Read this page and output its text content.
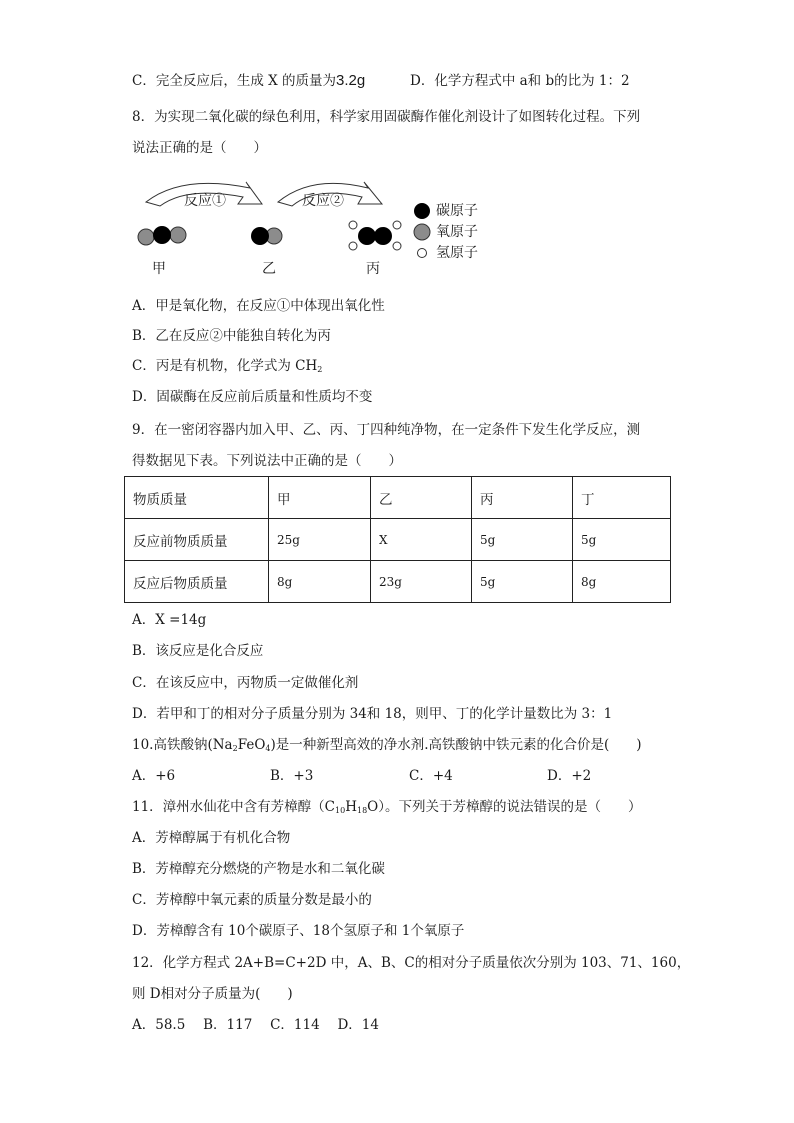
C．完全反应后，生成 X 的质量为3.2g	D．化学方程式中 a和 b的比为 1：2
8．为实现二氧化碳的绿色利用，科学家用固碳酶作催化剂设计了如图转化过程。下列
说法正确的是（　　）
反应①	反应②
甲	乙	丙
碳原子
氧原子
氢原子
A．甲是氧化物，在反应①中体现出氧化性
B．乙在反应②中能独自转化为丙
C．丙是有机物，化学式为 $CH_2$
D．固碳酶在反应前后质量和性质均不变
9．在一密闭容器内加入甲、乙、丙、丁四种纯净物，在一定条件下发生化学反应，测
得数据见下表。下列说法中正确的是（　　）
物质质量	甲	乙	丙	丁
反应前物质质量	25g	X	5g	5g
反应后物质质量	8g	23g	5g	8g
A．X =14g
B．该反应是化合反应
C．在该反应中，丙物质一定做催化剂
D．若甲和丁的相对分子质量分别为 34和 18，则甲、丁的化学计量数比为 3：1
10.高铁酸钠$(Na_2FeO_4)$是一种新型高效的净水剂.高铁酸钠中铁元素的化合价是(　　)
A．+6	B．+3	C．+4	D．+2
11．漳州水仙花中含有芳樟醇$(C_{10}H_{18}O)$。下列关于芳樟醇的说法错误的是（　　）
A．芳樟醇属于有机化合物
B．芳樟醇充分燃烧的产物是水和二氧化碳
C．芳樟醇中氧元素的质量分数是最小的
D．芳樟醇含有 10个碳原子、18个氢原子和 1个氧原子
12．化学方程式 2A+B=C+2D 中，A、B、C的相对分子质量依次分别为 103、71、160，
则 D相对分子质量为(　　)
A．58.5　 B．117　 C．114　 D．14
